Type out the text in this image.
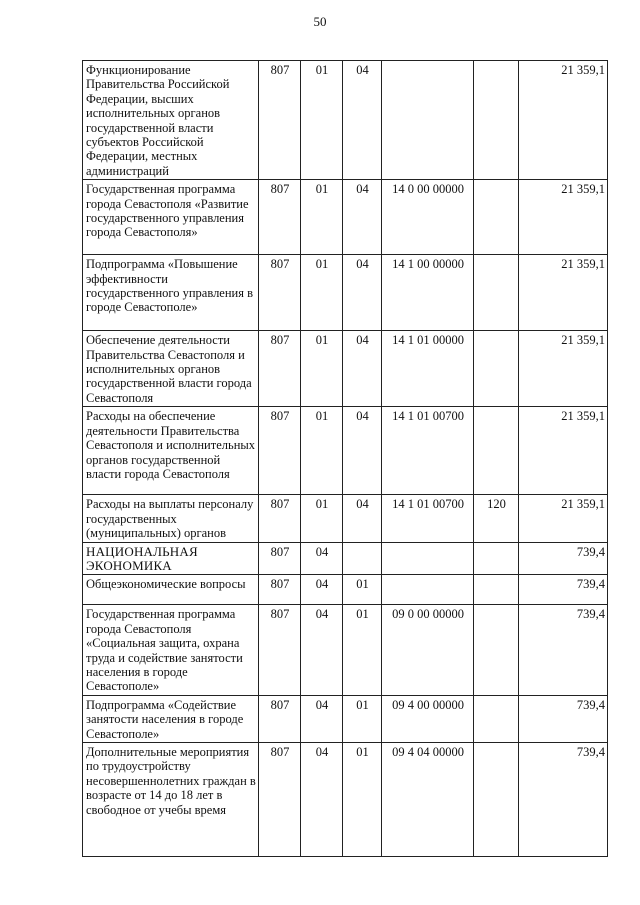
50
Функционирование Правительства Российской Федерации, высших исполнительных органов государственной власти субъектов Российской Федерации, местных администраций	807	01	04			21 359,1
Государственная программа города Севастополя «Развитие государственного управления города Севастополя»	807	01	04	14 0 00 00000		21 359,1
Подпрограмма «Повышение эффективности государственного управления в городе Севастополе»	807	01	04	14 1 00 00000		21 359,1
Обеспечение деятельности Правительства Севастополя и исполнительных органов государственной власти города Севастополя	807	01	04	14 1 01 00000		21 359,1
Расходы на обеспечение деятельности Правительства Севастополя и исполнительных органов государственной власти города Севастополя	807	01	04	14 1 01 00700		21 359,1
Расходы на выплаты персоналу государственных (муниципальных) органов	807	01	04	14 1 01 00700	120	21 359,1
НАЦИОНАЛЬНАЯ ЭКОНОМИКА	807	04				739,4
Общеэкономические вопросы	807	04	01			739,4
Государственная программа города Севастополя «Социальная защита, охрана труда и содействие занятости населения в городе Севастополе»	807	04	01	09 0 00 00000		739,4
Подпрограмма «Содействие занятости населения в городе Севастополе»	807	04	01	09 4 00 00000		739,4
Дополнительные мероприятия по трудоустройству несовершеннолетних граждан в возрасте от 14 до 18 лет в свободное от учебы время	807	04	01	09 4 04 00000		739,4
